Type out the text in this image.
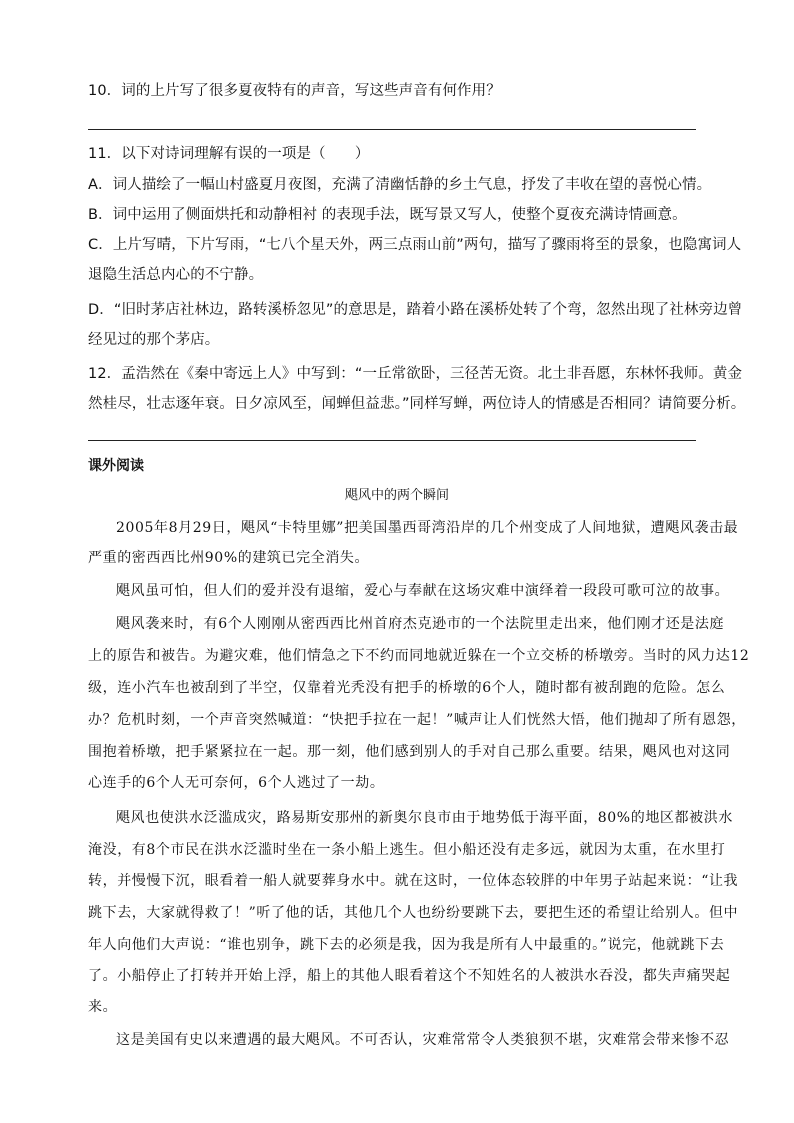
10．词的上片写了很多夏夜特有的声音，写这些声音有何作用？
11．以下对诗词理解有误的一项是（　　）
A．词人描绘了一幅山村盛夏月夜图，充满了清幽恬静的乡土气息，抒发了丰收在望的喜悦心情。
B．词中运用了侧面烘托和动静相衬 的表现手法，既写景又写人，使整个夏夜充满诗情画意。
C．上片写晴，下片写雨，“七八个星天外，两三点雨山前”两句，描写了骤雨将至的景象，也隐寓词人
退隐生活总内心的不宁静。
D．“旧时茅店社林边，路转溪桥忽见”的意思是，踏着小路在溪桥处转了个弯，忽然出现了社林旁边曾
经见过的那个茅店。
12．孟浩然在《秦中寄远上人》中写到：“一丘常欲卧，三径苦无资。北土非吾愿，东林怀我师。黄金
然桂尽，壮志逐年衰。日夕凉风至，闻蝉但益悲。”同样写蝉，两位诗人的情感是否相同？请简要分析。
课外阅读
飓风中的两个瞬间
2005年8月29日，飓风“卡特里娜”把美国墨西哥湾沿岸的几个州变成了人间地狱，遭飓风袭击最
严重的密西西比州90%的建筑已完全消失。
飓风虽可怕，但人们的爱并没有退缩，爱心与奉献在这场灾难中演绎着一段段可歌可泣的故事。
飓风袭来时，有6个人刚刚从密西西比州首府杰克逊市的一个法院里走出来，他们刚才还是法庭
上的原告和被告。为避灾难，他们情急之下不约而同地就近躲在一个立交桥的桥墩旁。当时的风力达12
级，连小汽车也被刮到了半空，仅靠着光秃没有把手的桥墩的6个人，随时都有被刮跑的危险。怎么
办？危机时刻，一个声音突然喊道：“快把手拉在一起！”喊声让人们恍然大悟，他们抛却了所有恩怨，
围抱着桥墩，把手紧紧拉在一起。那一刻，他们感到别人的手对自己那么重要。结果，飓风也对这同
心连手的6个人无可奈何，6个人逃过了一劫。
飓风也使洪水泛滥成灾，路易斯安那州的新奥尔良市由于地势低于海平面，80%的地区都被洪水
淹没，有8个市民在洪水泛滥时坐在一条小船上逃生。但小船还没有走多远，就因为太重，在水里打
转，并慢慢下沉，眼看着一船人就要葬身水中。就在这时，一位体态较胖的中年男子站起来说：“让我
跳下去，大家就得救了！”听了他的话，其他几个人也纷纷要跳下去，要把生还的希望让给别人。但中
年人向他们大声说：“谁也别争，跳下去的必须是我，因为我是所有人中最重的。”说完，他就跳下去
了。小船停止了打转并开始上浮，船上的其他人眼看着这个不知姓名的人被洪水吞没，都失声痛哭起
来。
这是美国有史以来遭遇的最大飓风。不可否认，灾难常常令人类狼狈不堪，灾难常会带来惨不忍
